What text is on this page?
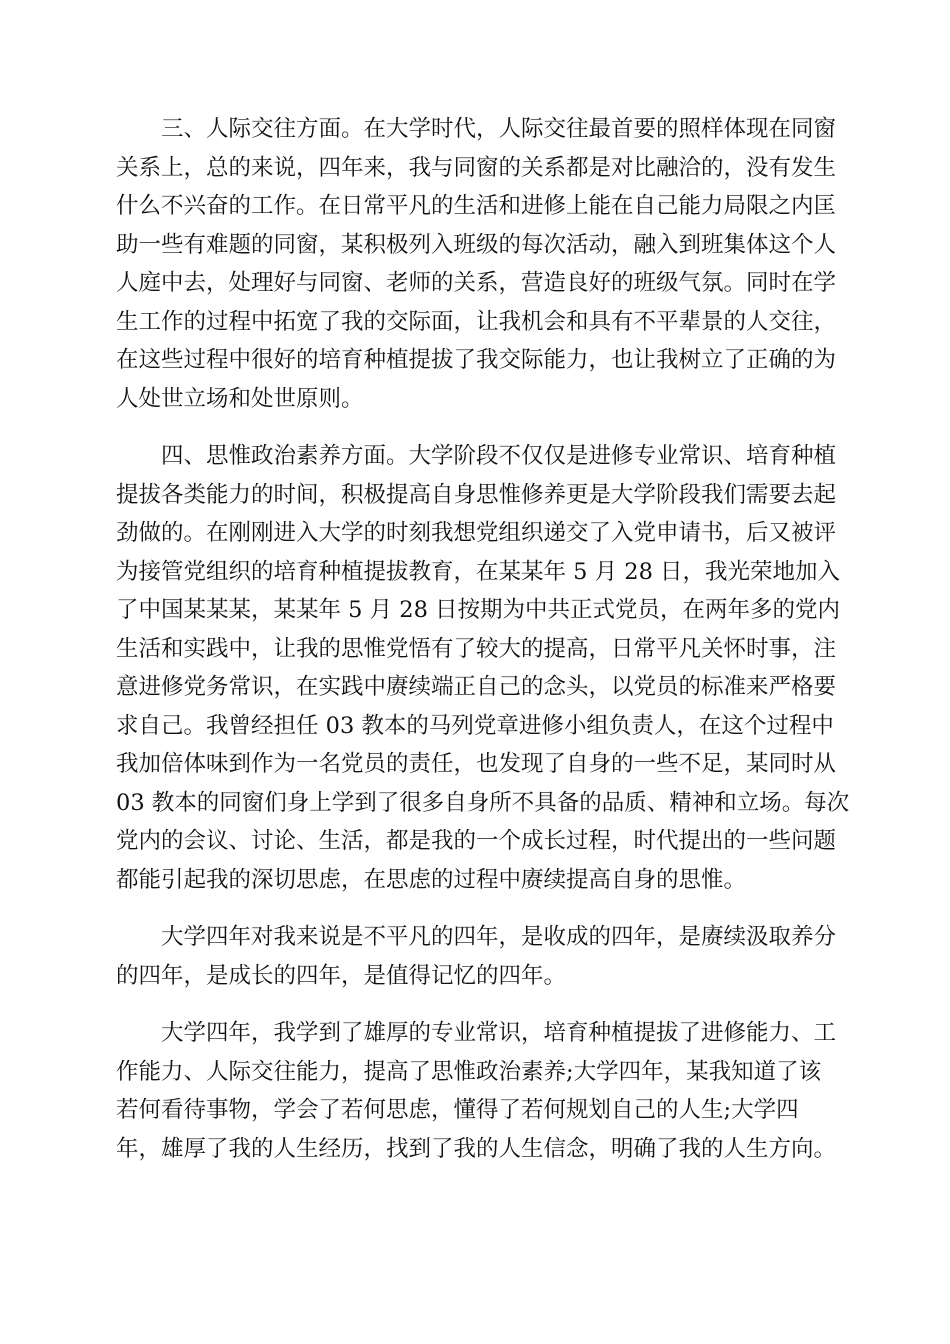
三、人际交往方面。在大学时代，人际交往最首要的照样体现在同窗
关系上，总的来说，四年来，我与同窗的关系都是对比融洽的，没有发生
什么不兴奋的工作。在日常平凡的生活和进修上能在自己能力局限之内匡
助一些有难题的同窗，某积极列入班级的每次活动，融入到班集体这个人
人庭中去，处理好与同窗、老师的关系，营造良好的班级气氛。同时在学
生工作的过程中拓宽了我的交际面，让我机会和具有不平辈景的人交往，
在这些过程中很好的培育种植提拔了我交际能力，也让我树立了正确的为
人处世立场和处世原则。
四、思惟政治素养方面。大学阶段不仅仅是进修专业常识、培育种植
提拔各类能力的时间，积极提高自身思惟修养更是大学阶段我们需要去起
劲做的。在刚刚进入大学的时刻我想党组织递交了入党申请书，后又被评
为接管党组织的培育种植提拔教育，在某某年 5 月 28 日，我光荣地加入
了中国某某某，某某年 5 月 28 日按期为中共正式党员，在两年多的党内
生活和实践中，让我的思惟党悟有了较大的提高，日常平凡关怀时事，注
意进修党务常识，在实践中赓续端正自己的念头，以党员的标准来严格要
求自己。我曾经担任 03 教本的马列党章进修小组负责人，在这个过程中
我加倍体味到作为一名党员的责任，也发现了自身的一些不足，某同时从
03 教本的同窗们身上学到了很多自身所不具备的品质、精神和立场。每次
党内的会议、讨论、生活，都是我的一个成长过程，时代提出的一些问题
都能引起我的深切思虑，在思虑的过程中赓续提高自身的思惟。
大学四年对我来说是不平凡的四年，是收成的四年，是赓续汲取养分
的四年，是成长的四年，是值得记忆的四年。
大学四年，我学到了雄厚的专业常识，培育种植提拔了进修能力、工
作能力、人际交往能力，提高了思惟政治素养;大学四年，某我知道了该
若何看待事物，学会了若何思虑，懂得了若何规划自己的人生;大学四
年，雄厚了我的人生经历，找到了我的人生信念，明确了我的人生方向。
